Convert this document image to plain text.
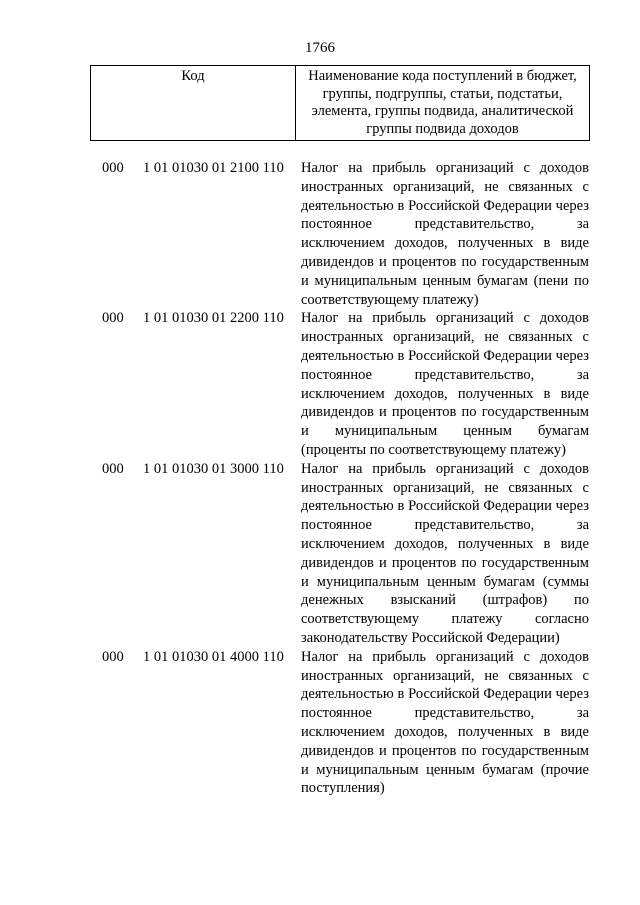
1766
Код	Наименование кода поступлений в бюджет, группы, подгруппы, статьи, подстатьи, элемента, группы подвида, аналитической группы подвида доходов
000 1 01 01030 01 2100 110 Налог на прибыль организаций с доходов иностранных организаций, не связанных с деятельностью в Российской Федерации через постоянное представительство, за исключением доходов, полученных в виде дивидендов и процентов по государственным и муниципальным ценным бумагам (пени по соответствующему платежу)
000 1 01 01030 01 2200 110 Налог на прибыль организаций с доходов иностранных организаций, не связанных с деятельностью в Российской Федерации через постоянное представительство, за исключением доходов, полученных в виде дивидендов и процентов по государственным и муниципальным ценным бумагам (проценты по соответствующему платежу)
000 1 01 01030 01 3000 110 Налог на прибыль организаций с доходов иностранных организаций, не связанных с деятельностью в Российской Федерации через постоянное представительство, за исключением доходов, полученных в виде дивидендов и процентов по государственным и муниципальным ценным бумагам (суммы денежных взысканий (штрафов) по соответствующему платежу согласно законодательству Российской Федерации)
000 1 01 01030 01 4000 110 Налог на прибыль организаций с доходов иностранных организаций, не связанных с деятельностью в Российской Федерации через постоянное представительство, за исключением доходов, полученных в виде дивидендов и процентов по государственным и муниципальным ценным бумагам (прочие поступления)
